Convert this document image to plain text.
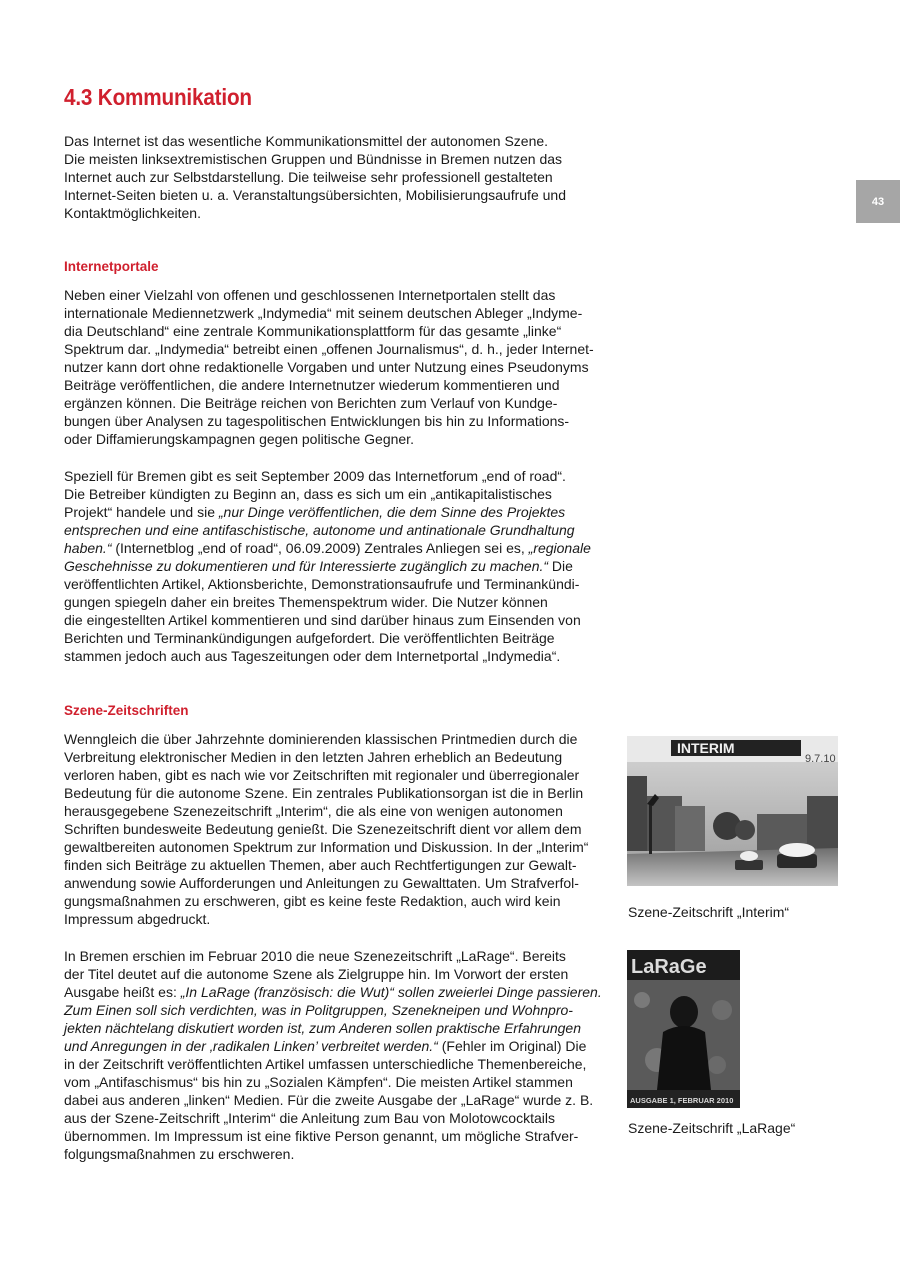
4.3 Kommunikation
43

Das Internet ist das wesentliche Kommunikationsmittel der autonomen Szene.
Die meisten linksextremistischen Gruppen und Bündnisse in Bremen nutzen das
Internet auch zur Selbstdarstellung. Die teilweise sehr professionell gestalteten
Internet-Seiten bieten u. a. Veranstaltungsübersichten, Mobilisierungsaufrufe und
Kontaktmöglichkeiten.

Internetportale

Neben einer Vielzahl von offenen und geschlossenen Internetportalen stellt das
internationale Mediennetzwerk „Indymedia“ mit seinem deutschen Ableger „Indyme-
dia Deutschland“ eine zentrale Kommunikationsplattform für das gesamte „linke“
Spektrum dar. „Indymedia“ betreibt einen „offenen Journalismus“, d. h., jeder Internet-
nutzer kann dort ohne redaktionelle Vorgaben und unter Nutzung eines Pseudonyms
Beiträge veröffentlichen, die andere Internetnutzer wiederum kommentieren und
ergänzen können. Die Beiträge reichen von Berichten zum Verlauf von Kundge-
bungen über Analysen zu tagespolitischen Entwicklungen bis hin zu Informations-
oder Diffamierungskampagnen gegen politische Gegner.

Speziell für Bremen gibt es seit September 2009 das Internetforum „end of road“.
Die Betreiber kündigten zu Beginn an, dass es sich um ein „antikapitalistisches
Projekt“ handele und sie „nur Dinge veröffentlichen, die dem Sinne des Projektes
entsprechen und eine antifaschistische, autonome und antinationale Grundhaltung
haben.“ (Internetblog „end of road“, 06.09.2009) Zentrales Anliegen sei es, „regionale
Geschehnisse zu dokumentieren und für Interessierte zugänglich zu machen.“ Die
veröffentlichten Artikel, Aktionsberichte, Demonstrationsaufrufe und Terminankündi-
gungen spiegeln daher ein breites Themenspektrum wider. Die Nutzer können
die eingestellten Artikel kommentieren und sind darüber hinaus zum Einsenden von
Berichten und Terminankündigungen aufgefordert. Die veröffentlichten Beiträge
stammen jedoch auch aus Tageszeitungen oder dem Internetportal „Indymedia“.

Szene-Zeitschriften

Wenngleich die über Jahrzehnte dominierenden klassischen Printmedien durch die
Verbreitung elektronischer Medien in den letzten Jahren erheblich an Bedeutung
verloren haben, gibt es nach wie vor Zeitschriften mit regionaler und überregionaler
Bedeutung für die autonome Szene. Ein zentrales Publikationsorgan ist die in Berlin
herausgegebene Szenezeitschrift „Interim“, die als eine von wenigen autonomen
Schriften bundesweite Bedeutung genießt. Die Szenezeitschrift dient vor allem dem
gewaltbereiten autonomen Spektrum zur Information und Diskussion. In der „Interim“
finden sich Beiträge zu aktuellen Themen, aber auch Rechtfertigungen zur Gewalt-
anwendung sowie Aufforderungen und Anleitungen zu Gewalttaten. Um Strafverfol-
gungsmaßnahmen zu erschweren, gibt es keine feste Redaktion, auch wird kein
Impressum abgedruckt.

In Bremen erschien im Februar 2010 die neue Szenezeitschrift „LaRage“. Bereits
der Titel deutet auf die autonome Szene als Zielgruppe hin. Im Vorwort der ersten
Ausgabe heißt es: „In LaRage (französisch: die Wut)“ sollen zweierlei Dinge passieren.
Zum Einen soll sich verdichten, was in Politgruppen, Szenekneipen und Wohnpro-
jekten nächtelang diskutiert worden ist, zum Anderen sollen praktische Erfahrungen
und Anregungen in der ‚radikalen Linken’ verbreitet werden.“ (Fehler im Original) Die
in der Zeitschrift veröffentlichten Artikel umfassen unterschiedliche Themenbereiche,
vom „Antifaschismus“ bis hin zu „Sozialen Kämpfen“. Die meisten Artikel stammen
dabei aus anderen „linken“ Medien. Für die zweite Ausgabe der „LaRage“ wurde z. B.
aus der Szene-Zeitschrift „Interim“ die Anleitung zum Bau von Molotowcocktails
übernommen. Im Impressum ist eine fiktive Person genannt, um mögliche Strafver-
folgungsmaßnahmen zu erschweren.

INTERIM
9.7.10

Szene-Zeitschrift „Interim“

LaRaGe
AUSGABE 1, FEBRUAR 2010

Szene-Zeitschrift „LaRage“
